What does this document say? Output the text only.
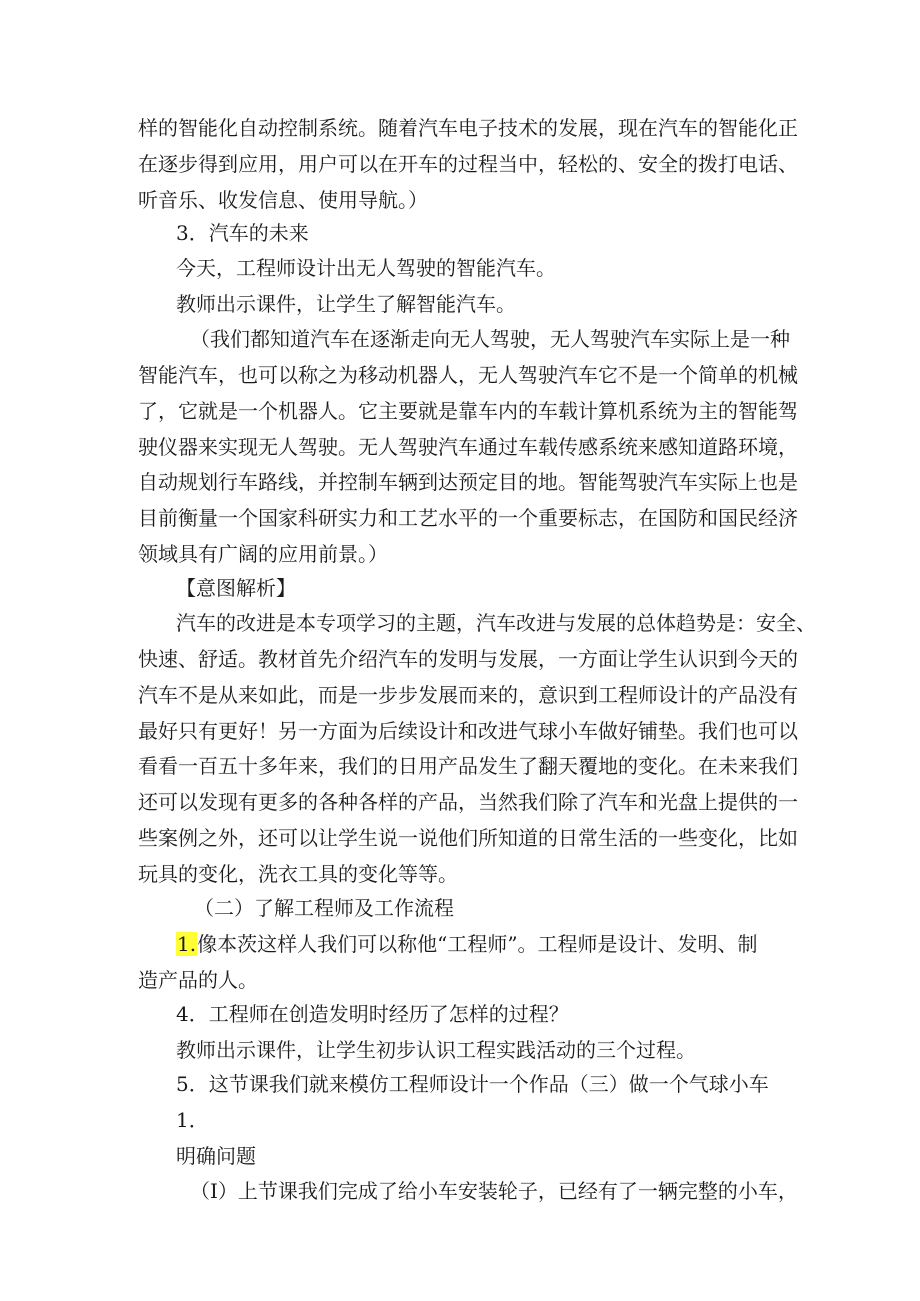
样的智能化自动控制系统。随着汽车电子技术的发展，现在汽车的智能化正
在逐步得到应用，用户可以在开车的过程当中，轻松的、安全的拨打电话、
听音乐、收发信息、使用导航。）
3．汽车的未来
今天，工程师设计出无人驾驶的智能汽车。
教师出示课件，让学生了解智能汽车。
（我们都知道汽车在逐渐走向无人驾驶，无人驾驶汽车实际上是一种
智能汽车，也可以称之为移动机器人，无人驾驶汽车它不是一个简单的机械
了，它就是一个机器人。它主要就是靠车内的车载计算机系统为主的智能驾
驶仪器来实现无人驾驶。无人驾驶汽车通过车载传感系统来感知道路环境，
自动规划行车路线，并控制车辆到达预定目的地。智能驾驶汽车实际上也是
目前衡量一个国家科研实力和工艺水平的一个重要标志，在国防和国民经济
领域具有广阔的应用前景。）
【意图解析】
汽车的改进是本专项学习的主题，汽车改进与发展的总体趋势是：安全、
快速、舒适。教材首先介绍汽车的发明与发展，一方面让学生认识到今天的
汽车不是从来如此，而是一步步发展而来的，意识到工程师设计的产品没有
最好只有更好！另一方面为后续设计和改进气球小车做好铺垫。我们也可以
看看一百五十多年来，我们的日用产品发生了翻天覆地的变化。在未来我们
还可以发现有更多的各种各样的产品，当然我们除了汽车和光盘上提供的一
些案例之外，还可以让学生说一说他们所知道的日常生活的一些变化，比如
玩具的变化，洗衣工具的变化等等。
（二）了解工程师及工作流程
1.像本茨这样人我们可以称他“工程师”。工程师是设计、发明、制
造产品的人。
4．工程师在创造发明时经历了怎样的过程？
教师出示课件，让学生初步认识工程实践活动的三个过程。
5．这节课我们就来模仿工程师设计一个作品（三）做一个气球小车
1．
明确问题
（I）上节课我们完成了给小车安装轮子，已经有了一辆完整的小车，
